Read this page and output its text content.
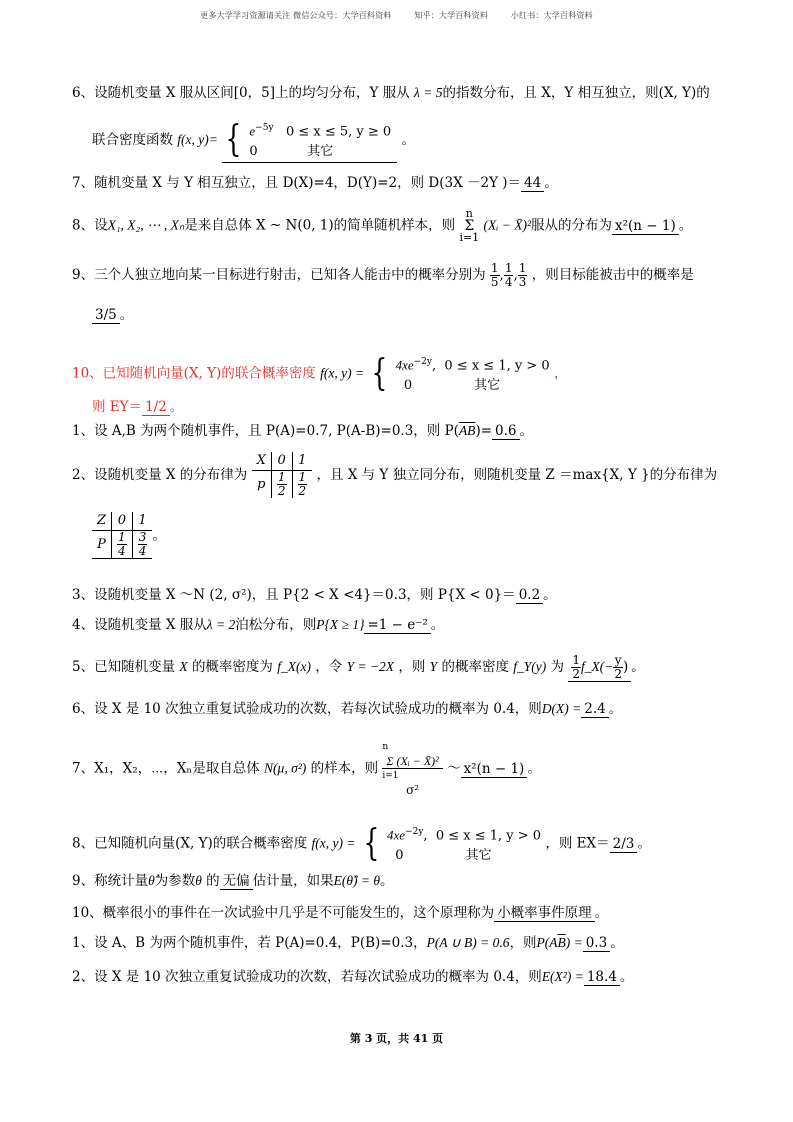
更多大学学习资源请关注 微信公众号：大学百科资料	知乎：大学百科资料	小红书：大学百科资料
6、设随机变量 X 服从区间[0，5]上的均匀分布，Y 服从 λ = 5的指数分布，且 X，Y 相互独立，则(X, Y)的
联合密度函数 f(x, y)= { $e^{-5y}$ 0 ≤ x ≤ 5, y ≥ 0
0	其它
。
7、随机变量 X 与 Y 相互独立，且 D(X)=4，D(Y)=2，则 D(3X －2Y )＝ 44 。
8、设X₁, X₂, ⋯ , Xₙ是来自总体 X ~ N(0, 1)的简单随机样本，则
n
Σ
i=1
(Xᵢ − X̄)²服从的分布为 x²(n − 1) 。
9、三个人独立地向某一目标进行射击，已知各人能击中的概率分别为 $\frac{1}{5}$ , $\frac{1}{4}$ , $\frac{1}{3}$ ，则目标能被击中的概率是
3/5 。
10、已知随机向量(X, Y)的联合概率密度 f(x, y) = { $4xe^{-2y}$,  0 ≤ x ≤ 1, y > 0
0	其它
，
则 EY＝ 1/2 。
1、设 A,B 为两个随机事件，且 P(A)=0.7, P(A-B)=0.3，则 $P(\overline{AB})= 0.6$ 。
2、设随机变量 X 的分布律为 X	0	1
p	$\frac{1}{2}$	$\frac{1}{2}$ ，且 X 与 Y 独立同分布，则随机变量 Z ＝max{X, Y }的分布律为
Z	0	1
P	$\frac{1}{4}$	$\frac{3}{4}$ 。
3、设随机变量 X ～N (2, σ²)，且 P{2 < X <4}＝0.3，则 P{X < 0}＝ 0.2 。
4、设随机变量 X 服从λ = 2泊松分布，则P{X ≥ 1} =1 − e⁻² 。
5、已知随机变量 X 的概率密度为 f_X(x) ，令 Y = −2X ，则 Y 的概率密度 f_Y(y) 为 $\frac{1}{2}$ f_X(− $\frac{y}{2}$ ) 。
6、设 X 是 10 次独立重复试验成功的次数，若每次试验成功的概率为 0.4，则D(X) = 2.4 。
7、X₁，X₂，⋯，Xₙ是取自总体 N(μ, σ²) 的样本，则
n
Σ (Xᵢ − X̄)²
i=1
σ²
～ x²(n − 1) 。
8、已知随机向量(X, Y)的联合概率密度 f(x, y) = { $4xe^{-2y}$,  0 ≤ x ≤ 1, y > 0
0	其它
，则 EX＝ 2/3 。
9、称统计量θ̂为参数θ 的 无偏 估计量，如果E(θ̂) = θ。
10、概率很小的事件在一次试验中几乎是不可能发生的，这个原理称为 小概率事件原理 。
1、设 A、B 为两个随机事件，若 P(A)=0.4，P(B)=0.3，P(A ∪ B) = 0.6，则$P(A\overline{B}) = 0.3$ 。
2、设 X 是 10 次独立重复试验成功的次数，若每次试验成功的概率为 0.4，则E(X²) = 18.4 。
第 3 页，共 41 页
